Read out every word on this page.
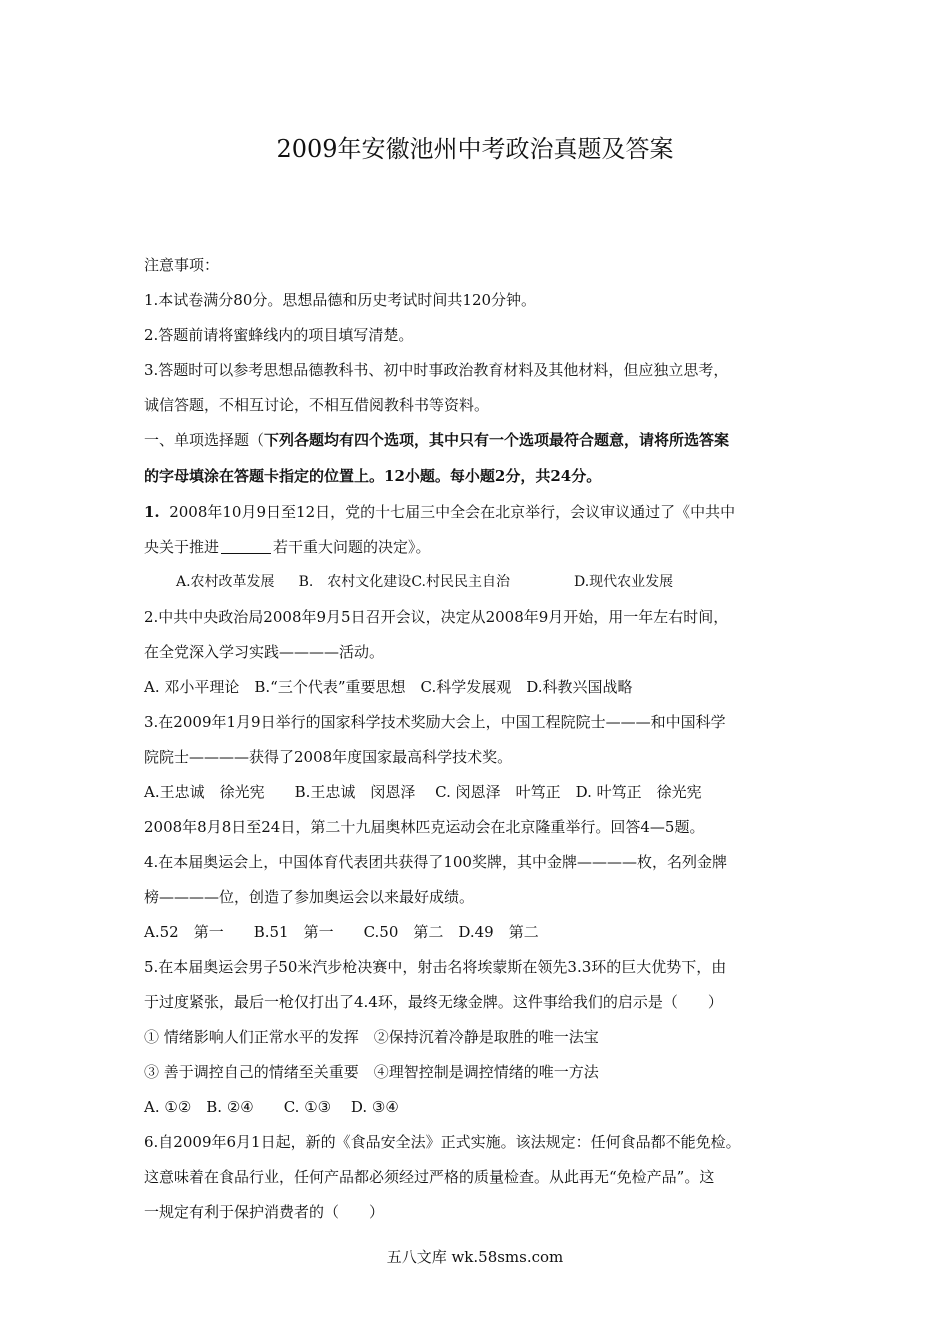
2009年安徽池州中考政治真题及答案
注意事项：
1.本试卷满分80分。思想品德和历史考试时间共120分钟。
2.答题前请将蜜蜂线内的项目填写清楚。
3.答题时可以参考思想品德教科书、初中时事政治教育材料及其他材料，但应独立思考，
诚信答题，不相互讨论，不相互借阅教科书等资料。
一、单项选择题（下列各题均有四个选项，其中只有一个选项最符合题意，请将所选答案
的字母填涂在答题卡指定的位置上。12小题。每小题2分，共24分。
1. 2008年10月9日至12日，党的十七届三中全会在北京举行，会议审议通过了《中共中
央关于推进	若干重大问题的决定》。
A.农村改革发展 B.　农村文化建设C.村民民主自治	D.现代农业发展
2.中共中央政治局2008年9月5日召开会议，决定从2008年9月开始，用一年左右时间，
在全党深入学习实践————活动。
A. 邓小平理论　B.“三个代表”重要思想　C.科学发展观　D.科教兴国战略
3.在2009年1月9日举行的国家科学技术奖励大会上，中国工程院院士———和中国科学
院院士————获得了2008年度国家最高科学技术奖。
A.王忠诚　徐光宪　　B.王忠诚　闵恩泽　 C. 闵恩泽　叶笃正　D. 叶笃正　徐光宪
2008年8月8日至24日，第二十九届奥林匹克运动会在北京隆重举行。回答4—5题。
4.在本届奥运会上，中国体育代表团共获得了100奖牌，其中金牌————枚，名列金牌
榜————位，创造了参加奥运会以来最好成绩。
A.52　第一　　B.51　第一　　C.50　第二　D.49　第二
5.在本届奥运会男子50米汽步枪决赛中，射击名将埃蒙斯在领先3.3环的巨大优势下，由
于过度紧张，最后一枪仅打出了4.4环，最终无缘金牌。这件事给我们的启示是（　　）
① 情绪影响人们正常水平的发挥　②保持沉着冷静是取胜的唯一法宝
③ 善于调控自己的情绪至关重要　④理智控制是调控情绪的唯一方法
A. ①②　B. ②④　　C. ①③　 D. ③④
6.自2009年6月1日起，新的《食品安全法》正式实施。该法规定：任何食品都不能免检。
这意味着在食品行业，任何产品都必须经过严格的质量检查。从此再无“免检产品”。这
一规定有利于保护消费者的（　　）
五八文库 wk.58sms.com
